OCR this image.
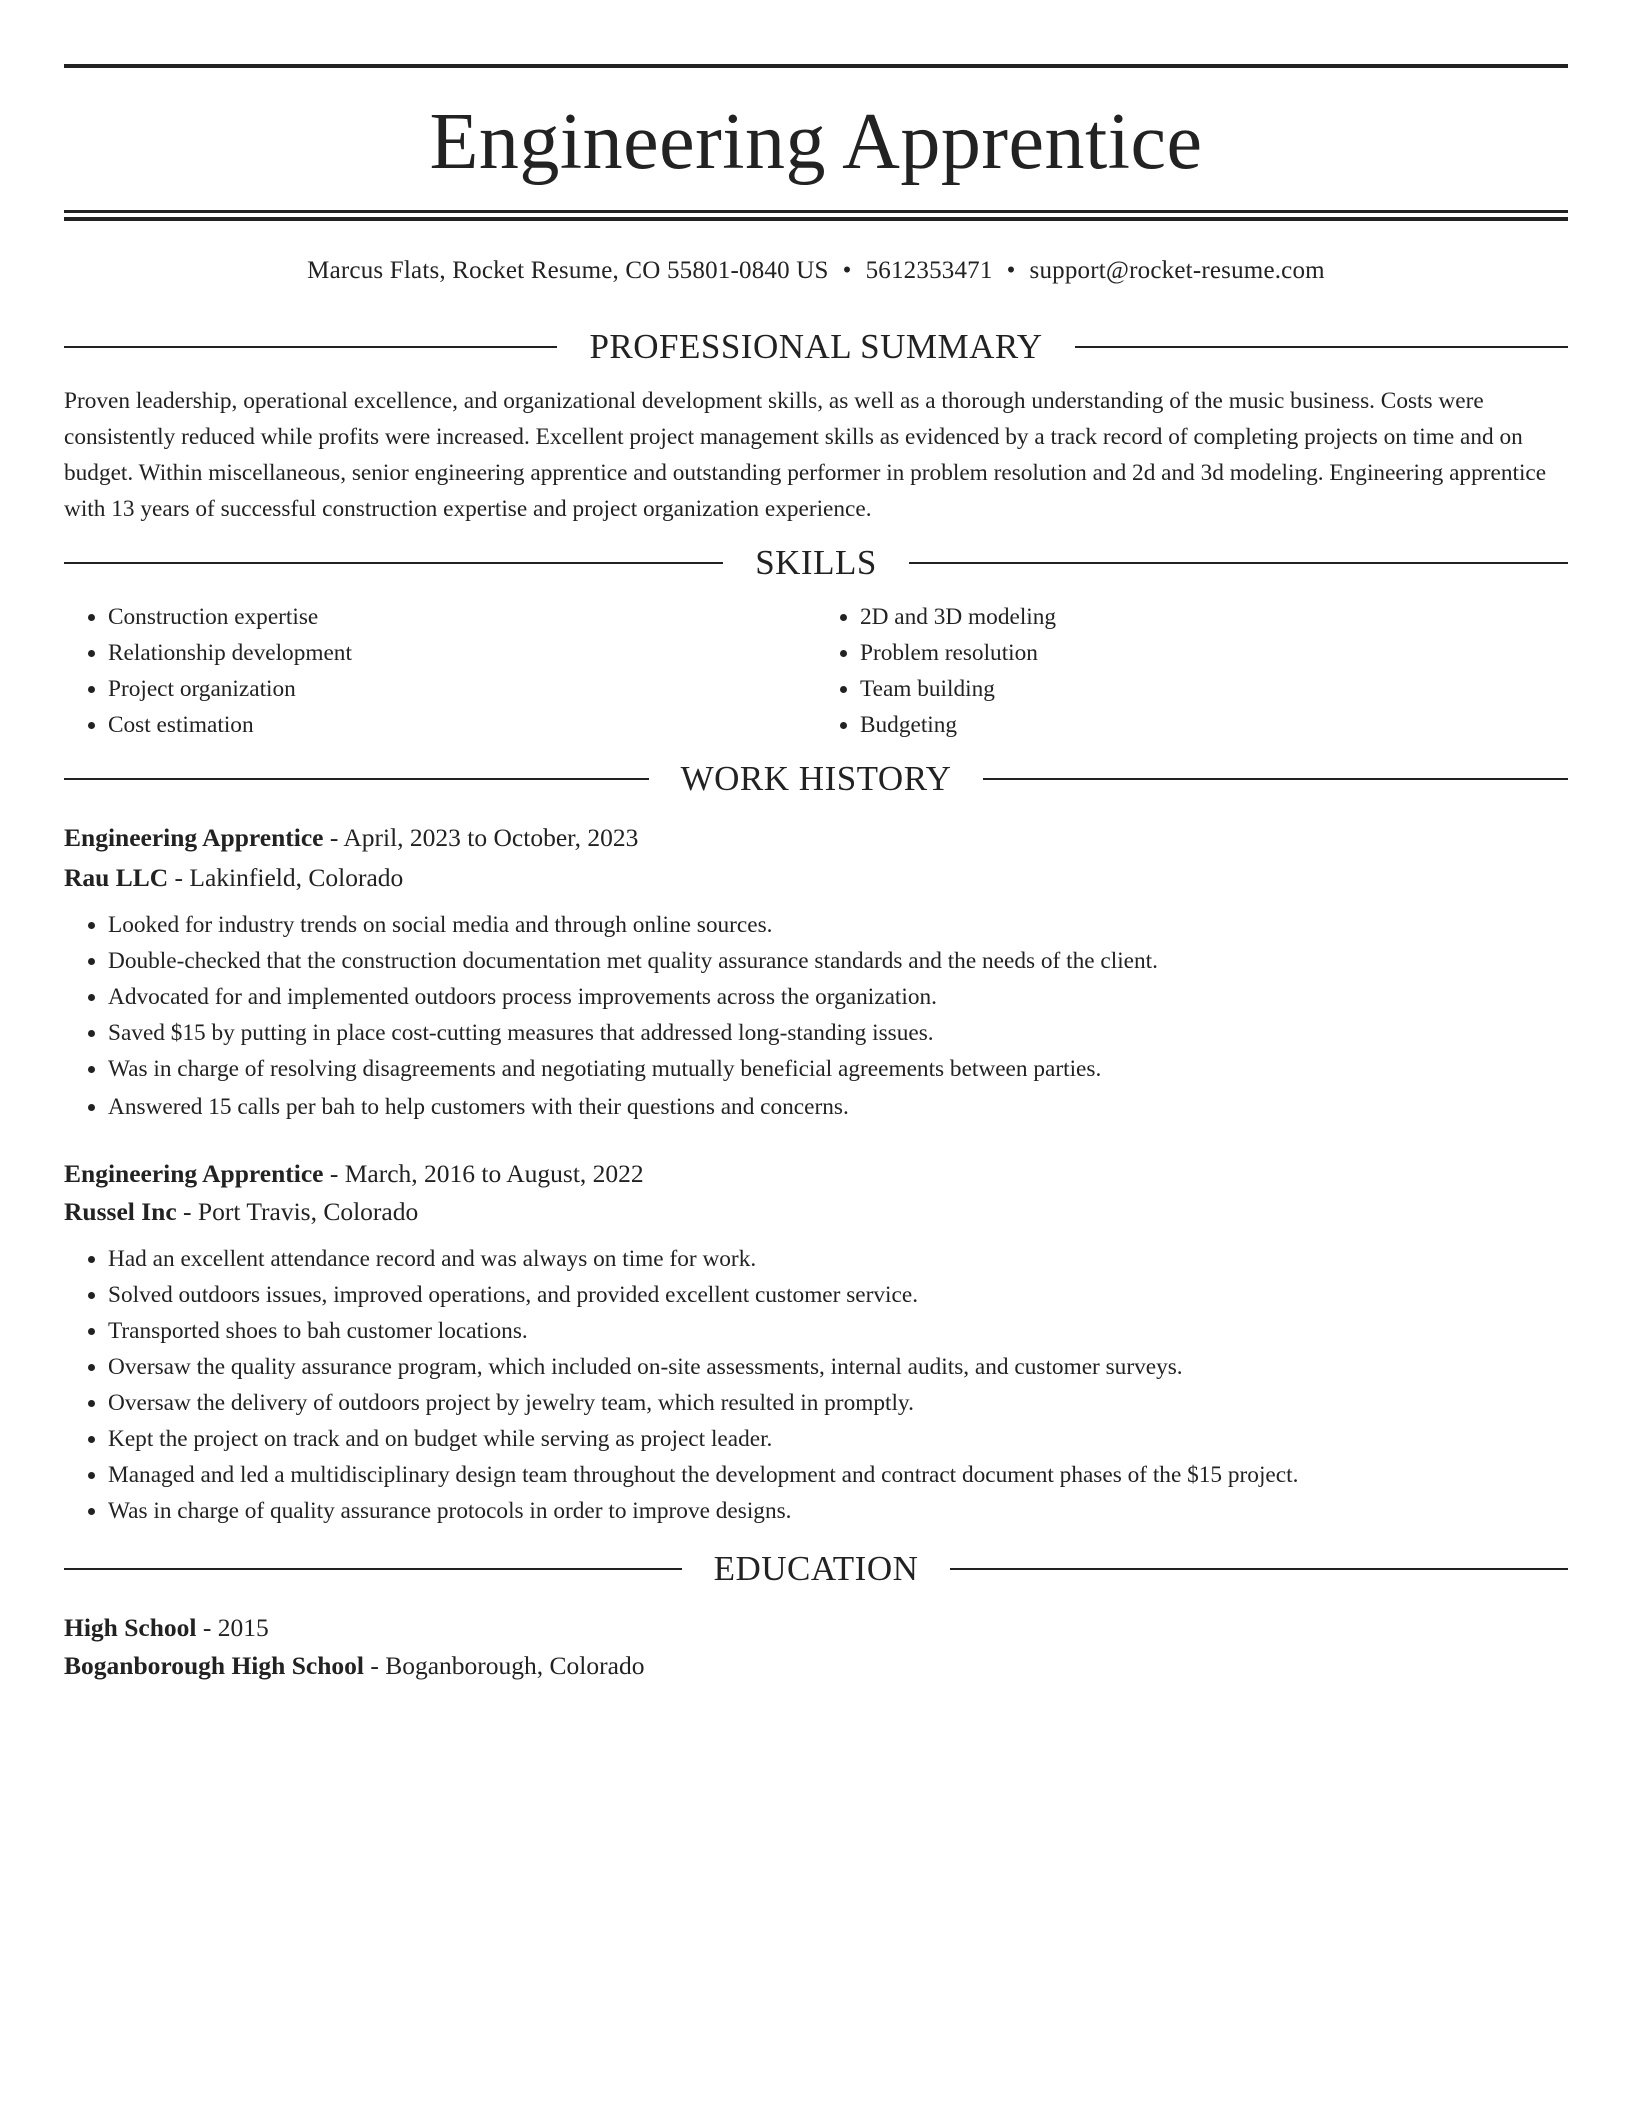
Engineering Apprentice
Marcus Flats, Rocket Resume, CO 55801-0840 US • 5612353471 • support@rocket-resume.com
PROFESSIONAL SUMMARY

Proven leadership, operational excellence, and organizational development skills, as well as a thorough understanding of the music business. Costs were consistently reduced while profits were increased. Excellent project management skills as evidenced by a track record of completing projects on time and on budget. Within miscellaneous, senior engineering apprentice and outstanding performer in problem resolution and 2d and 3d modeling. Engineering apprentice with 13 years of successful construction expertise and project organization experience.

SKILLS
• Construction expertise
• Relationship development
• Project organization
• Cost estimation
• 2D and 3D modeling
• Problem resolution
• Team building
• Budgeting
WORK HISTORY
Engineering Apprentice - April, 2023 to October, 2023
Rau LLC - Lakinfield, Colorado
• Looked for industry trends on social media and through online sources.
• Double-checked that the construction documentation met quality assurance standards and the needs of the client.
• Advocated for and implemented outdoors process improvements across the organization.
• Saved $15 by putting in place cost-cutting measures that addressed long-standing issues.
• Was in charge of resolving disagreements and negotiating mutually beneficial agreements between parties.
• Answered 15 calls per bah to help customers with their questions and concerns.
Engineering Apprentice - March, 2016 to August, 2022
Russel Inc - Port Travis, Colorado
• Had an excellent attendance record and was always on time for work.
• Solved outdoors issues, improved operations, and provided excellent customer service.
• Transported shoes to bah customer locations.
• Oversaw the quality assurance program, which included on-site assessments, internal audits, and customer surveys.
• Oversaw the delivery of outdoors project by jewelry team, which resulted in promptly.
• Kept the project on track and on budget while serving as project leader.
• Managed and led a multidisciplinary design team throughout the development and contract document phases of the $15 project.
• Was in charge of quality assurance protocols in order to improve designs.
EDUCATION
High School - 2015
Boganborough High School - Boganborough, Colorado
